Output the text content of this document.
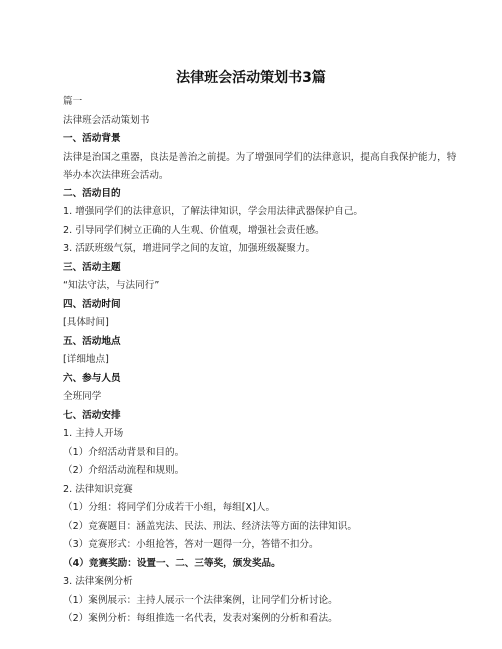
法律班会活动策划书3篇
篇一
法律班会活动策划书
一、活动背景
法律是治国之重器，良法是善治之前提。为了增强同学们的法律意识，提高自我保护能力，特举办本次法律班会活动。
二、活动目的
1. 增强同学们的法律意识，了解法律知识，学会用法律武器保护自己。
2. 引导同学们树立正确的人生观、价值观，增强社会责任感。
3. 活跃班级气氛，增进同学之间的友谊，加强班级凝聚力。
三、活动主题
“知法守法，与法同行”
四、活动时间
[具体时间]
五、活动地点
[详细地点]
六、参与人员
全班同学
七、活动安排
1. 主持人开场
（1）介绍活动背景和目的。
（2）介绍活动流程和规则。
2. 法律知识竞赛
（1）分组：将同学们分成若干小组，每组[X]人。
（2）竞赛题目：涵盖宪法、民法、刑法、经济法等方面的法律知识。
（3）竞赛形式：小组抢答，答对一题得一分，答错不扣分。
（4）竞赛奖励：设置一、二、三等奖，颁发奖品。
3. 法律案例分析
（1）案例展示：主持人展示一个法律案例，让同学们分析讨论。
（2）案例分析：每组推选一名代表，发表对案例的分析和看法。
